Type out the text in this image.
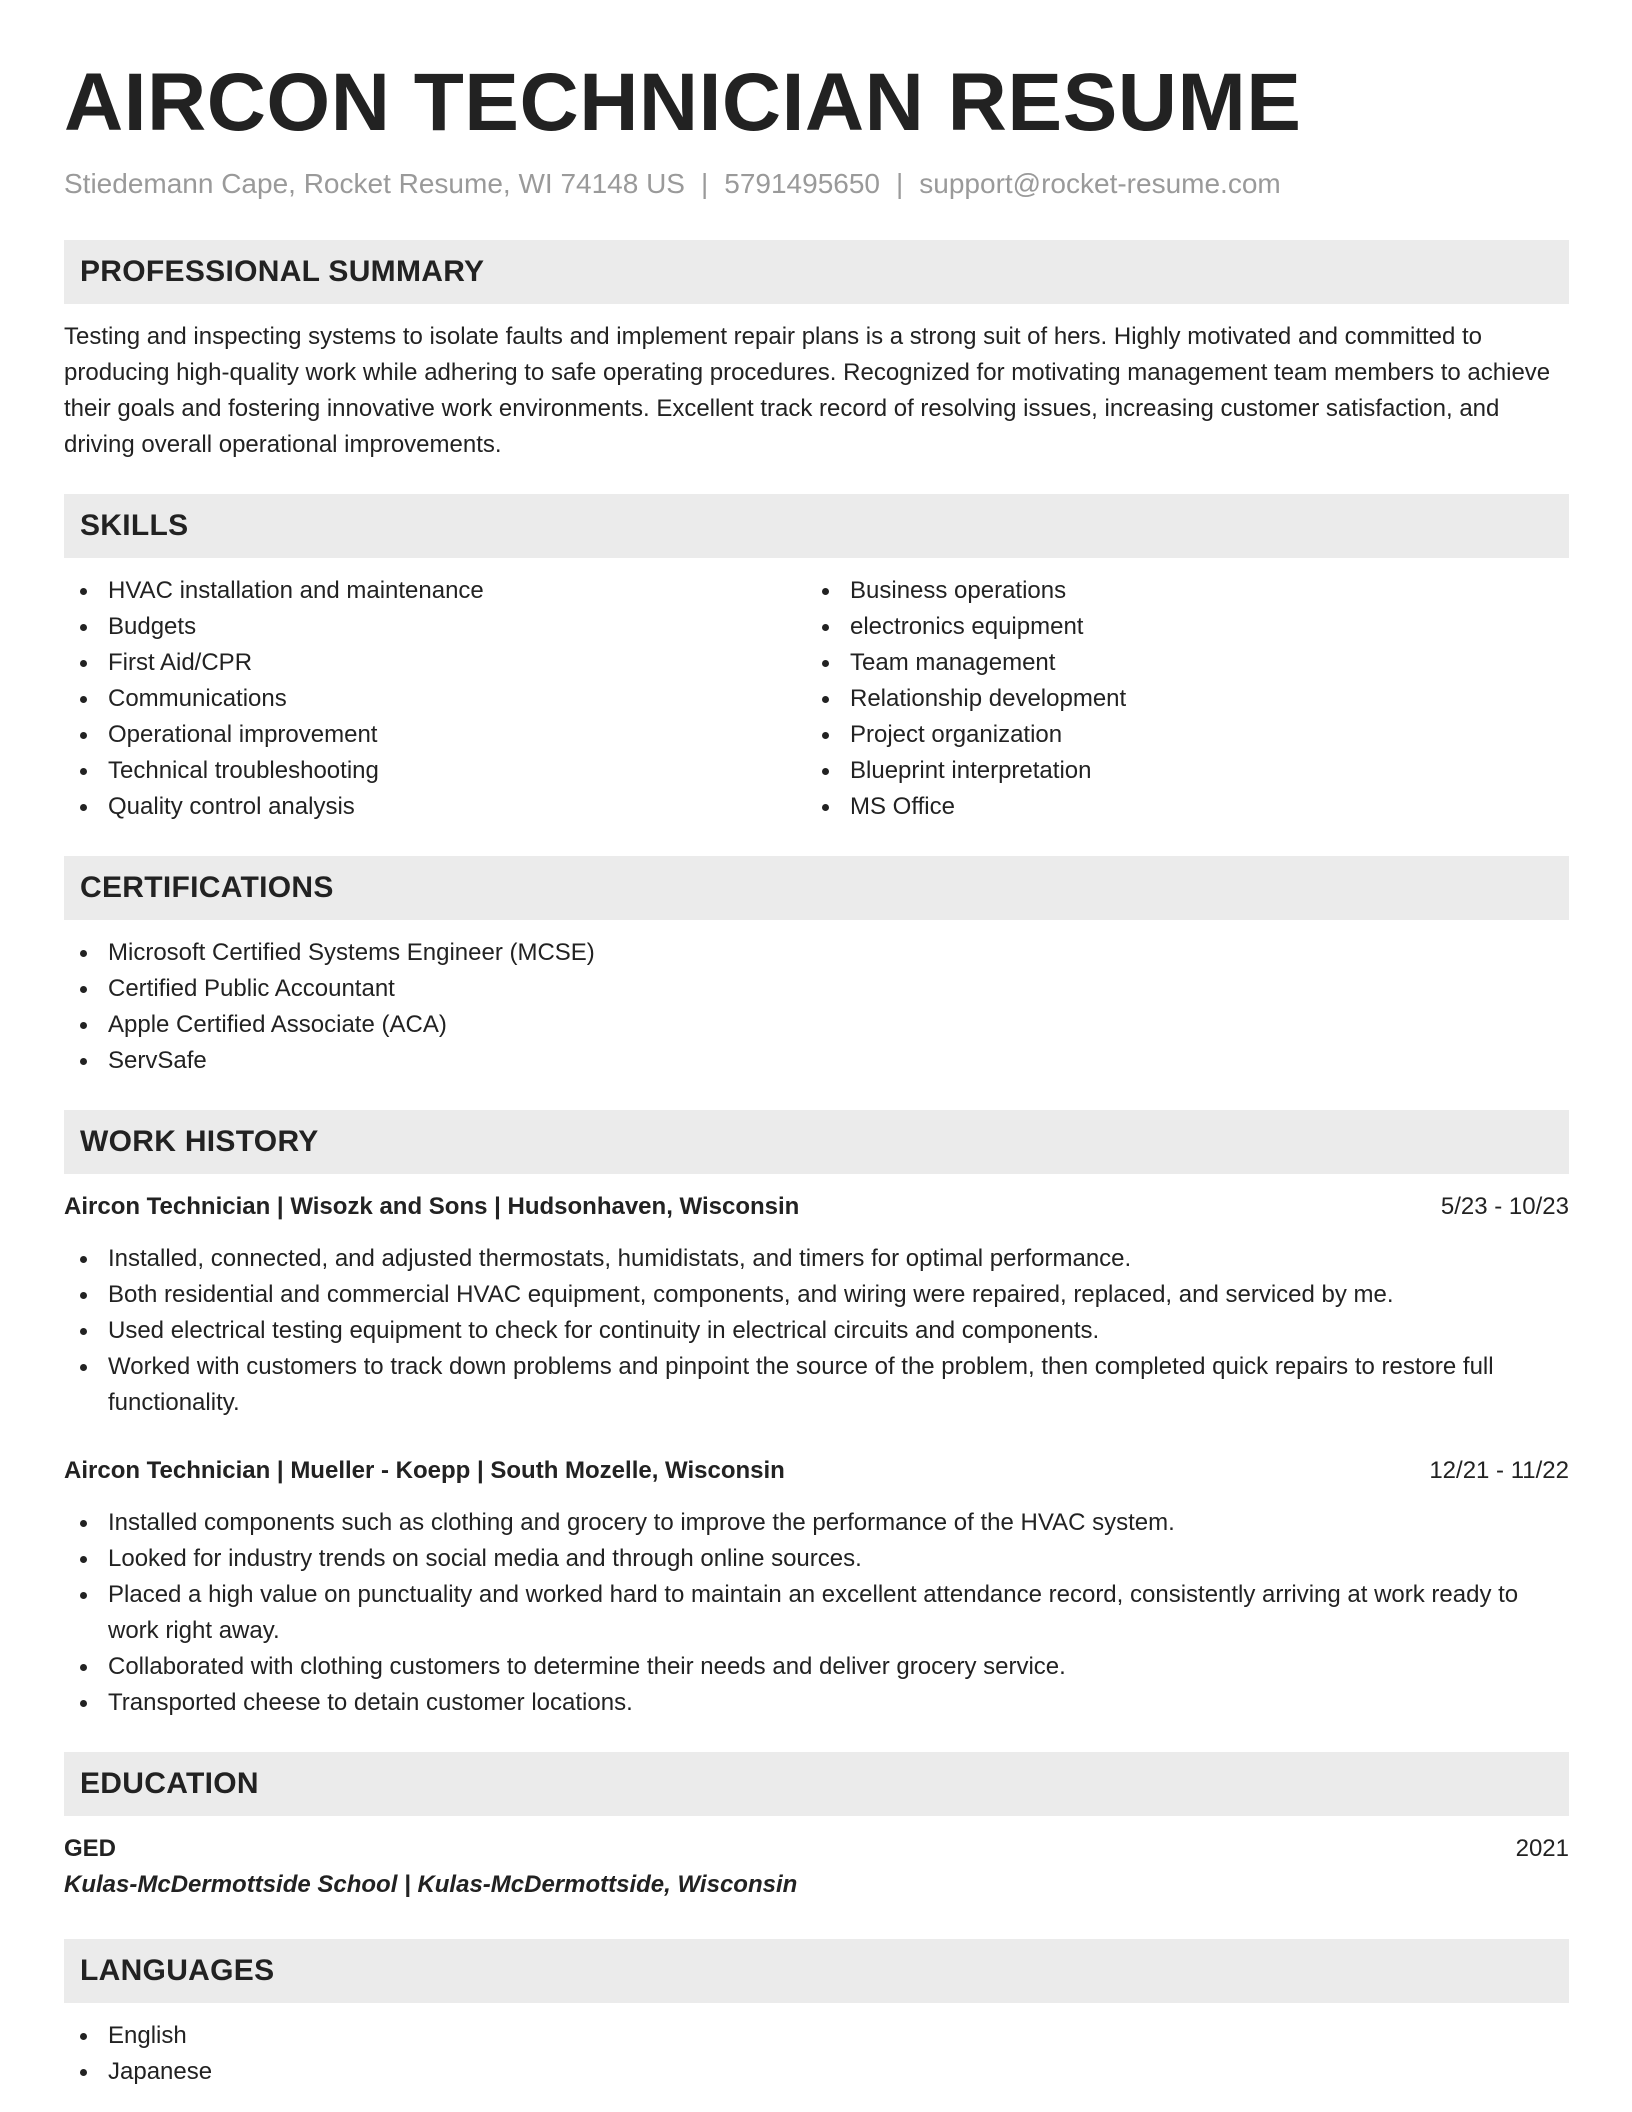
AIRCON TECHNICIAN RESUME
Stiedemann Cape, Rocket Resume, WI 74148 US | 5791495650 | support@rocket-resume.com
PROFESSIONAL SUMMARY

Testing and inspecting systems to isolate faults and implement repair plans is a strong suit of hers. Highly motivated and committed to producing high-quality work while adhering to safe operating procedures. Recognized for motivating management team members to achieve their goals and fostering innovative work environments. Excellent track record of resolving issues, increasing customer satisfaction, and driving overall operational improvements.

SKILLS
HVAC installation and maintenance
Budgets
First Aid/CPR
Communications
Operational improvement
Technical troubleshooting
Quality control analysis
Business operations
electronics equipment
Team management
Relationship development
Project organization
Blueprint interpretation
MS Office
CERTIFICATIONS
Microsoft Certified Systems Engineer (MCSE)
Certified Public Accountant
Apple Certified Associate (ACA)
ServSafe
WORK HISTORY
Aircon Technician | Wisozk and Sons | Hudsonhaven, Wisconsin	5/23 - 10/23
Installed, connected, and adjusted thermostats, humidistats, and timers for optimal performance.
Both residential and commercial HVAC equipment, components, and wiring were repaired, replaced, and serviced by me.
Used electrical testing equipment to check for continuity in electrical circuits and components.
Worked with customers to track down problems and pinpoint the source of the problem, then completed quick repairs to restore full functionality.
Aircon Technician | Mueller - Koepp | South Mozelle, Wisconsin	12/21 - 11/22
Installed components such as clothing and grocery to improve the performance of the HVAC system.
Looked for industry trends on social media and through online sources.
Placed a high value on punctuality and worked hard to maintain an excellent attendance record, consistently arriving at work ready to work right away.
Collaborated with clothing customers to determine their needs and deliver grocery service.
Transported cheese to detain customer locations.
EDUCATION
GED	2021
Kulas-McDermottside School | Kulas-McDermottside, Wisconsin
LANGUAGES
English
Japanese
